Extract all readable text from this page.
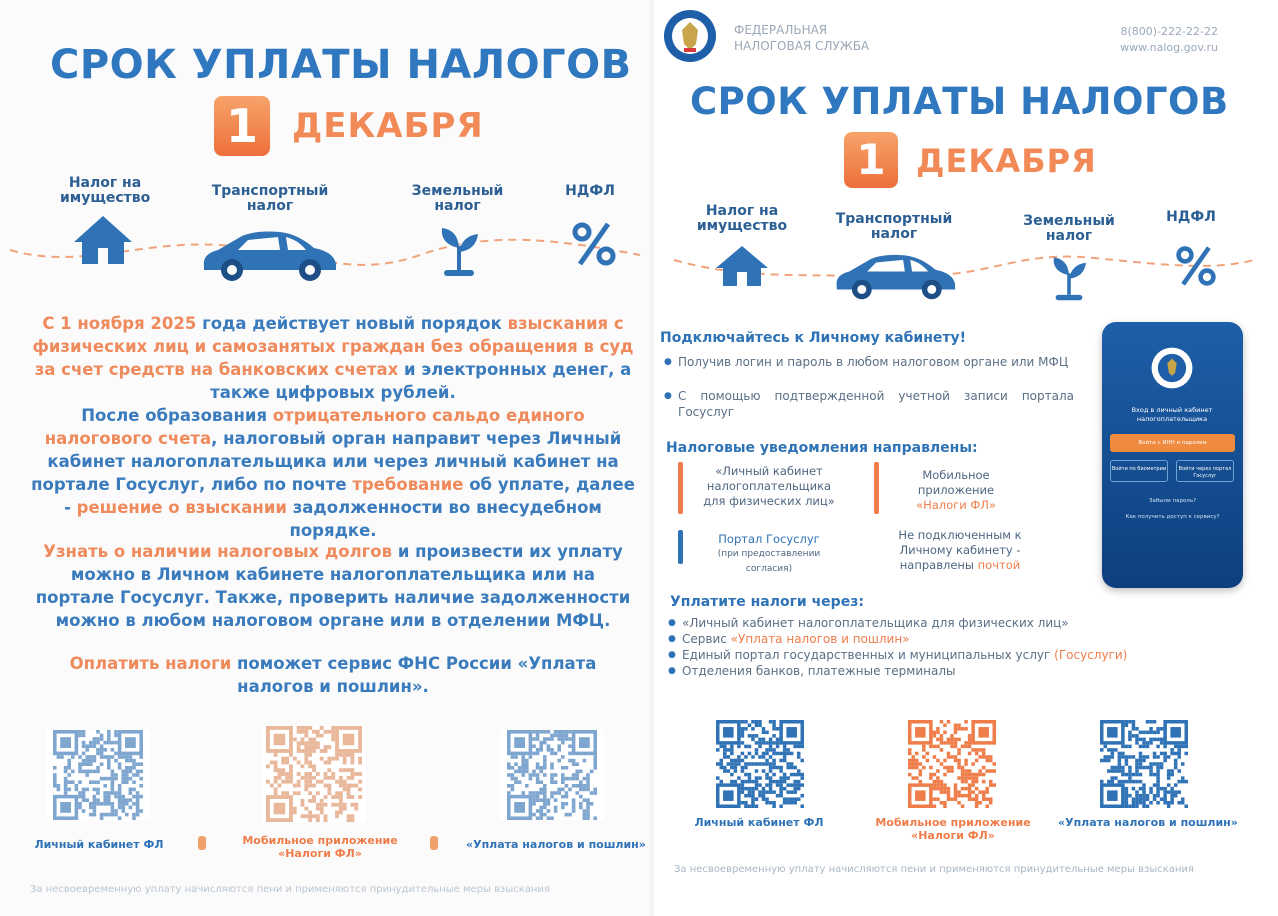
СРОК УПЛАТЫ НАЛОГОВ
1	ДЕКАБРЯ
Налог на
имущество	Транспортный
налог
Земельный
налог
НДФЛ

С 1 ноября 2025 года действует новый порядок взыскания с физических лиц и самозанятых граждан без обращения в суд за счет средств на банковских счетах и электронных денег, а также цифровых рублей.

После образования отрицательного сальдо единого налогового счета, налоговый орган направит через Личный кабинет налогоплательщика или через личный кабинет на портале Госуслуг, либо по почте требование об уплате, далее - решение о взыскании задолженности во внесудебном порядке.

Узнать о наличии налоговых долгов и произвести их уплату можно в Личном кабинете налогоплательщика или на портале Госуслуг. Также, проверить наличие задолженности можно в любом налоговом органе или в отделении МФЦ.

Оплатить налоги поможет сервис ФНС России «Уплата налогов и пошлин».

Личный кабинет ФЛ	Мобильное приложение
«Налоги ФЛ»
«Уплата налогов и пошлин»
За несвоевременную уплату начисляются пени и применяются принудительные меры взыскания
ФЕДЕРАЛЬНАЯ
НАЛОГОВАЯ СЛУЖБА
8(800)-222-22-22
www.nalog.gov.ru
СРОК УПЛАТЫ НАЛОГОВ
1 ДЕКАБРЯ
Налог на
имущество	Транспортный
налог
Земельный
налог
НДФЛ
Подключайтесь к Личному кабинету!
● Получив логин и пароль в любом налоговом органе или МФЦ
● С помощью подтвержденной учетной записи портала Госуслуг
Налоговые уведомления направлены:
«Личный кабинет налогоплательщика для физических лиц»
Мобильное приложение
«Налоги ФЛ»
Портал Госуслуг
(при предоставлении согласия)
Не подключенным к Личному кабинету - направлены почтой
Вход в личный кабинет налогоплательщика
Войти с ИНН и паролем
Войти по биометрии	Войти через портал Госуслуг
Забыли пароль?
Как получить доступ к сервису?
Уплатите налоги через:
● «Личный кабинет налогоплательщика для физических лиц»
● Сервис «Уплата налогов и пошлин»
● Единый портал государственных и муниципальных услуг (Госуслуги)
● Отделения банков, платежные терминалы
Личный кабинет ФЛ	Мобильное приложение
«Налоги ФЛ»
«Уплата налогов и пошлин»
За несвоевременную уплату начисляются пени и применяются принудительные меры взыскания
